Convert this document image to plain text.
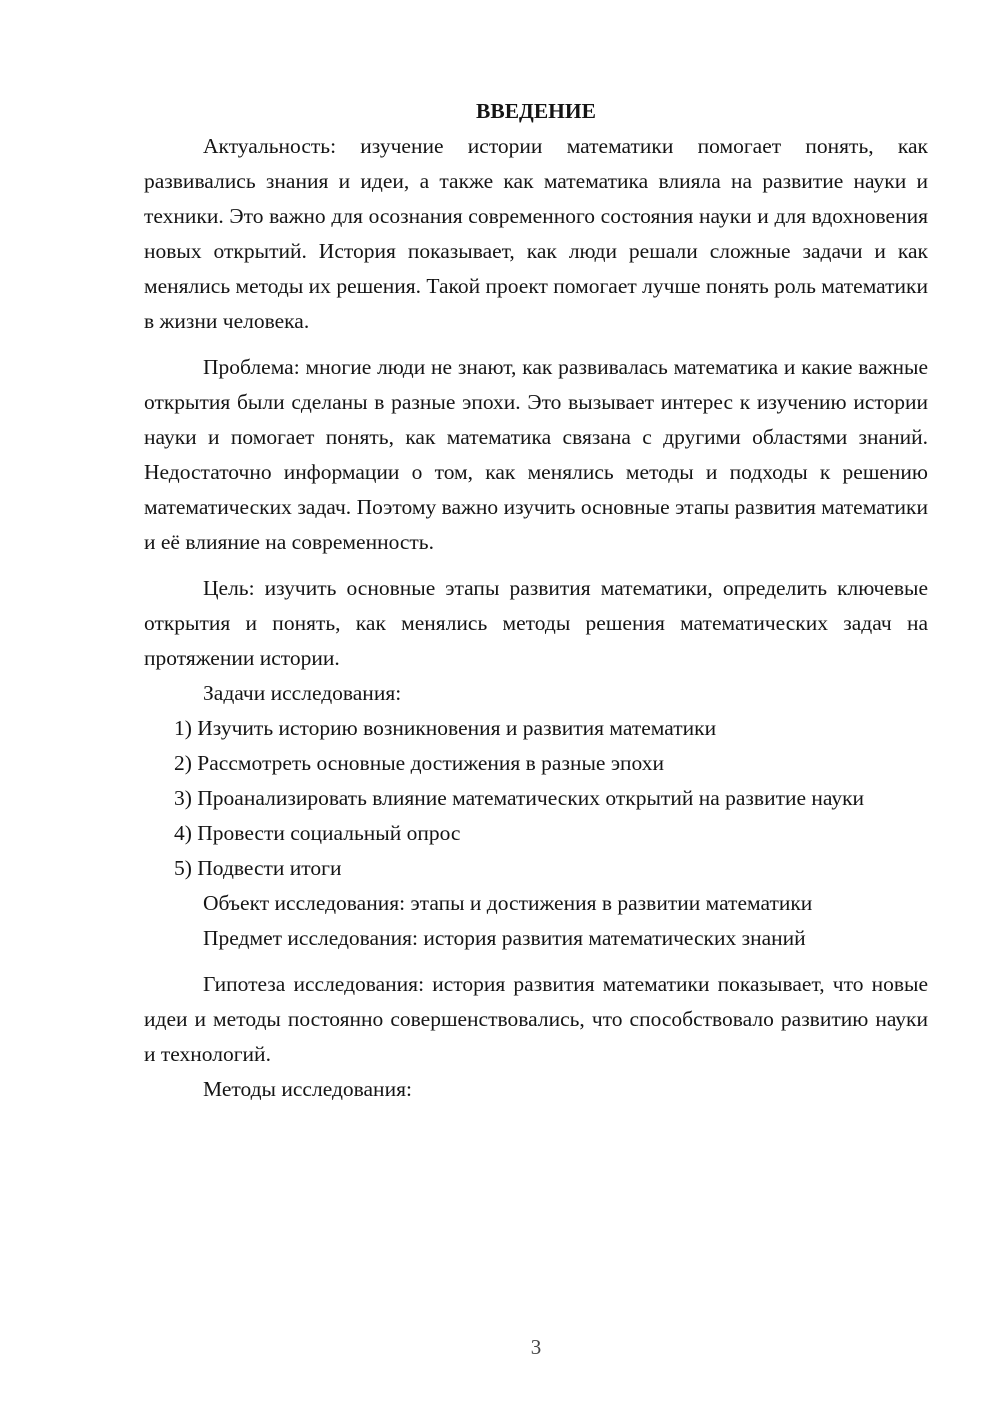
ВВЕДЕНИЕ

Актуальность: изучение истории математики помогает понять, как развивались знания и идеи, а также как математика влияла на развитие науки и техники. Это важно для осознания современного состояния науки и для вдохновения новых открытий. История показывает, как люди решали сложные задачи и как менялись методы их решения. Такой проект помогает лучше понять роль математики в жизни человека.

Проблема: многие люди не знают, как развивалась математика и какие важные открытия были сделаны в разные эпохи. Это вызывает интерес к изучению истории науки и помогает понять, как математика связана с другими областями знаний. Недостаточно информации о том, как менялись методы и подходы к решению математических задач. Поэтому важно изучить основные этапы развития математики и её влияние на современность.

Цель: изучить основные этапы развития математики, определить ключевые открытия и понять, как менялись методы решения математических задач на протяжении истории.

Задачи исследования:

1) Изучить историю возникновения и развития математики

2) Рассмотреть основные достижения в разные эпохи

3) Проанализировать влияние математических открытий на развитие науки

4) Провести социальный опрос

5) Подвести итоги

Объект исследования: этапы и достижения в развитии математики

Предмет исследования: история развития математических знаний

Гипотеза исследования: история развития математики показывает, что новые идеи и методы постоянно совершенствовались, что способствовало развитию науки и технологий.

Методы исследования:

3
